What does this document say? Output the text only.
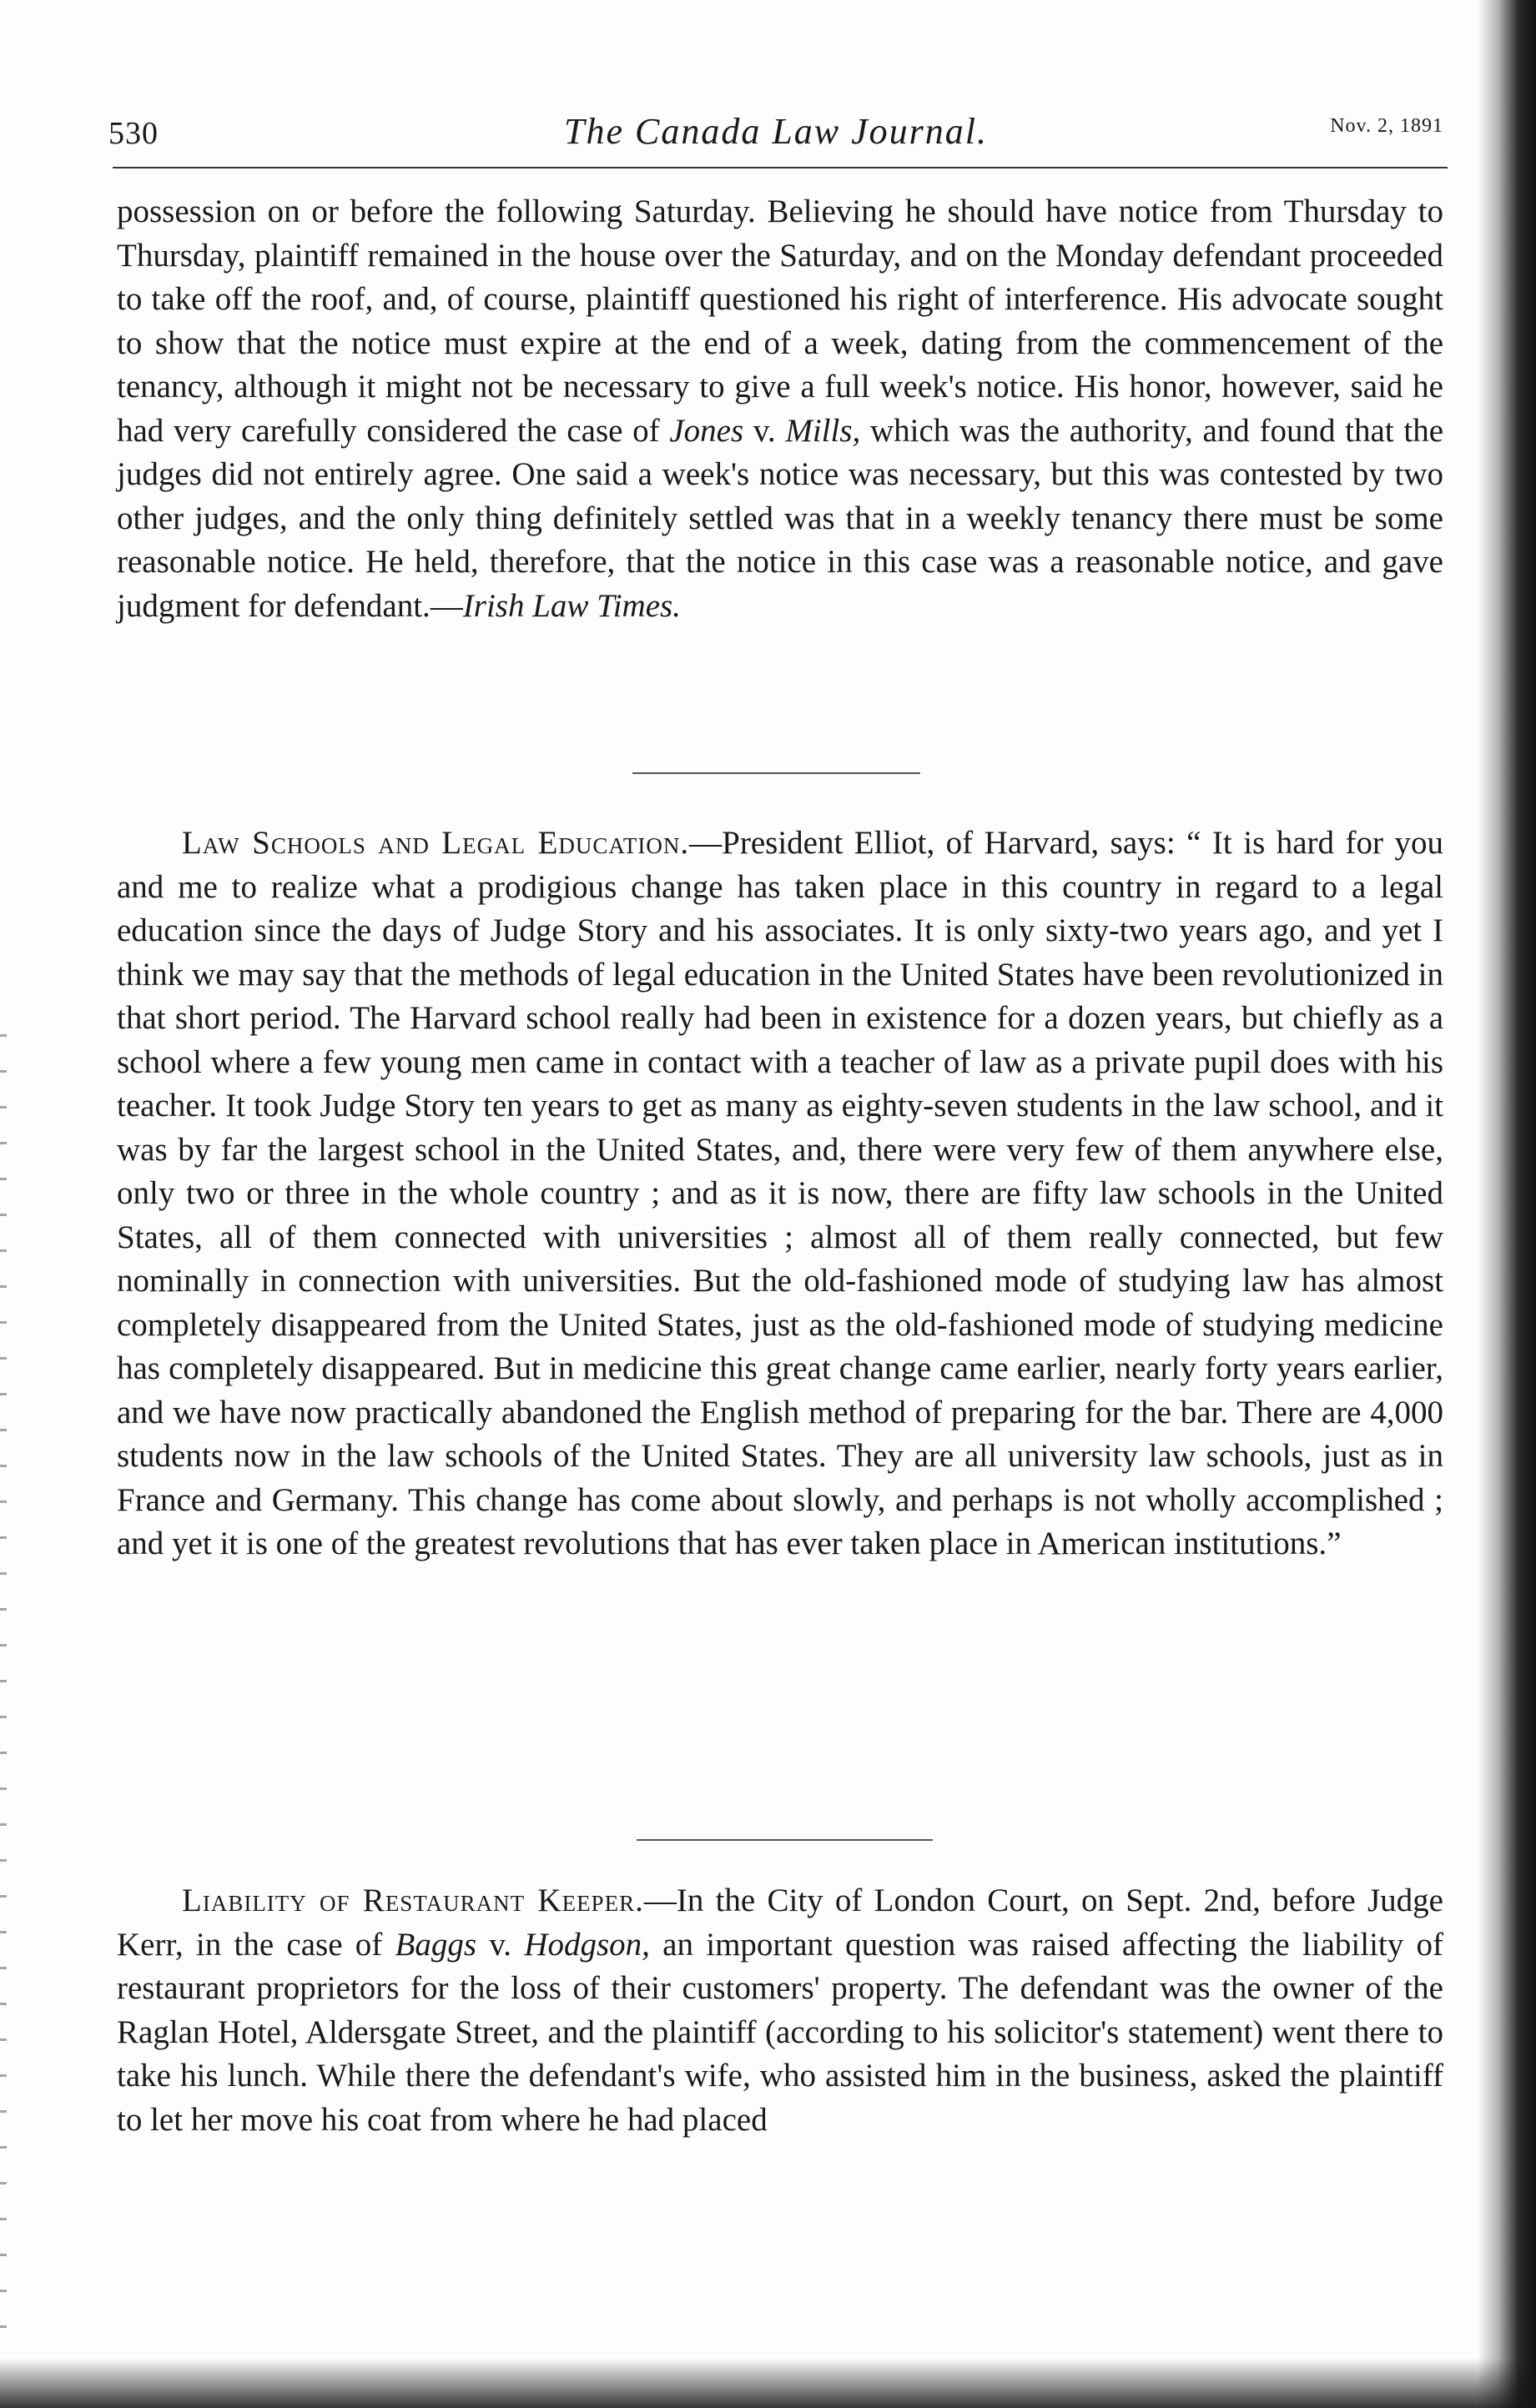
530	The Canada Law Journal.	Nov. 2, 1891

possession on or before the following Saturday. Believing he should have notice from Thursday to Thursday, plaintiff remained in the house over the Saturday, and on the Monday defendant proceeded to take off the roof, and, of course, plaintiff questioned his right of interference. His advocate sought to show that the notice must expire at the end of a week, dating from the commencement of the tenancy, although it might not be necessary to give a full week's notice. His honor, however, said he had very carefully considered the case of Jones v. Mills, which was the authority, and found that the judges did not entirely agree. One said a week's notice was necessary, but this was contested by two other judges, and the only thing definitely settled was that in a weekly tenancy there must be some reasonable notice. He held, therefore, that the notice in this case was a reasonable notice, and gave judgment for defendant.—Irish Law Times.

Law Schools and Legal Education.—President Elliot, of Harvard, says: “ It is hard for you and me to realize what a prodigious change has taken place in this country in regard to a legal education since the days of Judge Story and his associates. It is only sixty-two years ago, and yet I think we may say that the methods of legal education in the United States have been revolutionized in that short period. The Harvard school really had been in existence for a dozen years, but chiefly as a school where a few young men came in contact with a teacher of law as a private pupil does with his teacher. It took Judge Story ten years to get as many as eighty-seven students in the law school, and it was by far the largest school in the United States, and, there were very few of them anywhere else, only two or three in the whole country ; and as it is now, there are fifty law schools in the United States, all of them connected with universities ; almost all of them really connected, but few nominally in connection with universities. But the old-fashioned mode of studying law has almost completely disappeared from the United States, just as the old-fashioned mode of studying medicine has completely disappeared. But in medicine this great change came earlier, nearly forty years earlier, and we have now practically abandoned the English method of preparing for the bar. There are 4,000 students now in the law schools of the United States. They are all university law schools, just as in France and Germany. This change has come about slowly, and perhaps is not wholly accomplished ; and yet it is one of the greatest revolutions that has ever taken place in American institutions.”

Liability of Restaurant Keeper.—In the City of London Court, on Sept. 2nd, before Judge Kerr, in the case of Baggs v. Hodgson, an important question was raised affecting the liability of restaurant proprietors for the loss of their customers' property. The defendant was the owner of the Raglan Hotel, Aldersgate Street, and the plaintiff (according to his solicitor's statement) went there to take his lunch. While there the defendant's wife, who assisted him in the business, asked the plaintiff to let her move his coat from where he had placed
